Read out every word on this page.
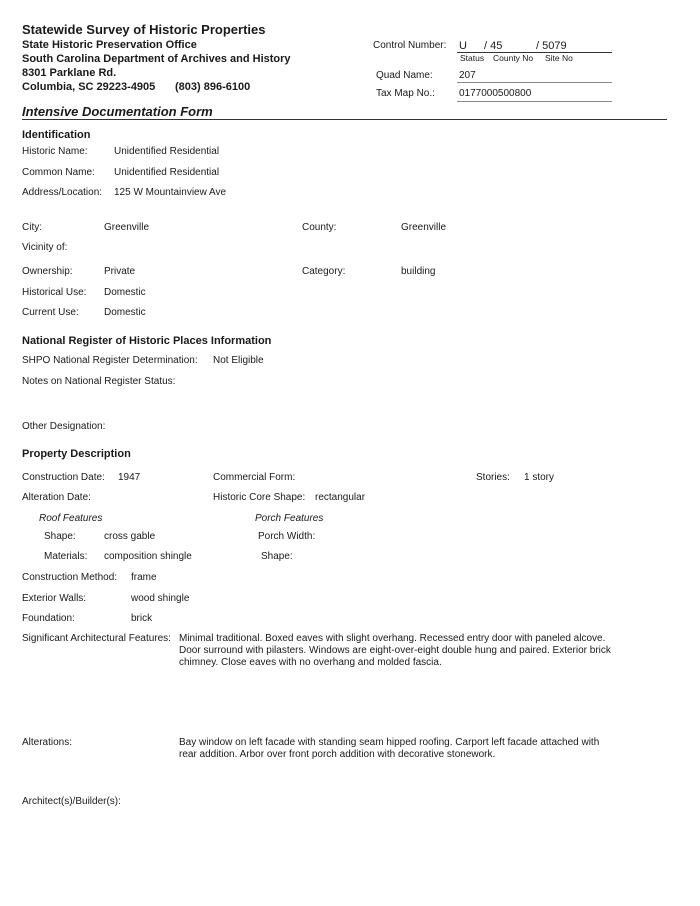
Statewide Survey of Historic Properties
State Historic Preservation Office
South Carolina Department of Archives and History
8301 Parklane Rd.
Columbia, SC 29223-4905 (803) 896-6100
Control Number: U / 45	/ 5079
Status County No Site No
Quad Name:	207
Tax Map No.: 0177000500800
Intensive Documentation Form
Identification
Historic Name:	Unidentified Residential
Common Name: Unidentified Residential
Address/Location: 125 W Mountainview Ave
City:	Greenville	County:	Greenville
Vicinity of:
Ownership:	Private	Category:	building
Historical Use: Domestic
Current Use:	Domestic
National Register of Historic Places Information
SHPO National Register Determination: Not Eligible
Notes on National Register Status:
Other Designation:
Property Description
Construction Date: 1947	Commercial Form:	Stories: 1 story
Alteration Date:	Historic Core Shape: rectangular
Roof Features	Porch Features
Shape:	cross gable	Porch Width:
Materials: composition shingle	Shape:
Construction Method: frame
Exterior Walls:	wood shingle
Foundation:	brick
Significant Architectural Features: Minimal traditional. Boxed eaves with slight overhang. Recessed entry door with paneled alcove. Door surround with pilasters. Windows are eight-over-eight double hung and paired. Exterior brick chimney. Close eaves with no overhang and molded fascia.
Alterations:	Bay window on left facade with standing seam hipped roofing. Carport left facade attached with rear addition. Arbor over front porch addition with decorative stonework.
Architect(s)/Builder(s):
